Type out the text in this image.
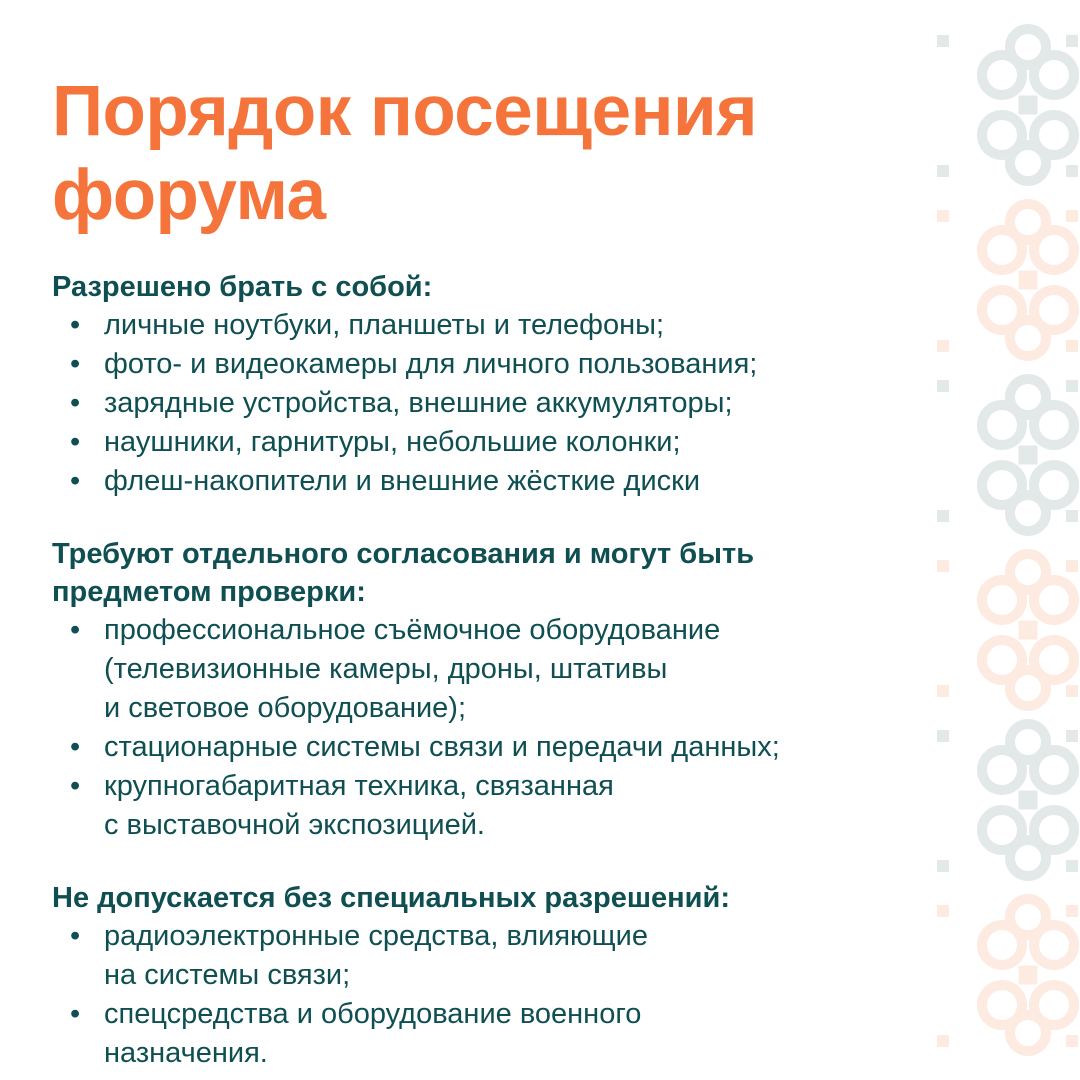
Порядок посещения форума
Разрешено брать с собой:
• личные ноутбуки, планшеты и телефоны;
• фото- и видеокамеры для личного пользования;
• зарядные устройства, внешние аккумуляторы;
• наушники, гарнитуры, небольшие колонки;
• флеш-накопители и внешние жёсткие диски
Требуют отдельного согласования и могут быть предметом проверки:
• профессиональное съёмочное оборудование
(телевизионные камеры, дроны, штативы
и световое оборудование);
• стационарные системы связи и передачи данных;
• крупногабаритная техника, связанная
с выставочной экспозицией.
Не допускается без специальных разрешений:
• радиоэлектронные средства, влияющие
на системы связи;
• спецсредства и оборудование военного
назначения.
